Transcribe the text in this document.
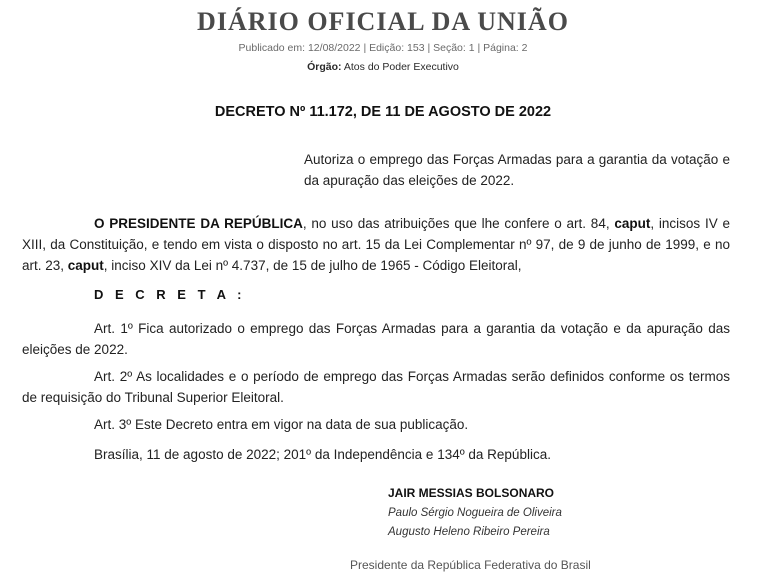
DIÁRIO OFICIAL DA UNIÃO
Publicado em: 12/08/2022 | Edição: 153 | Seção: 1 | Página: 2
Órgão: Atos do Poder Executivo
DECRETO Nº 11.172, DE 11 DE AGOSTO DE 2022
Autoriza o emprego das Forças Armadas para a garantia da votação e da apuração das eleições de 2022.
O PRESIDENTE DA REPÚBLICA, no uso das atribuições que lhe confere o art. 84, caput, incisos IV e XIII, da Constituição, e tendo em vista o disposto no art. 15 da Lei Complementar nº 97, de 9 de junho de 1999, e no art. 23, caput, inciso XIV da Lei nº 4.737, de 15 de julho de 1965 - Código Eleitoral,
D E C R E T A :
Art. 1º Fica autorizado o emprego das Forças Armadas para a garantia da votação e da apuração das eleições de 2022.
Art. 2º As localidades e o período de emprego das Forças Armadas serão definidos conforme os termos de requisição do Tribunal Superior Eleitoral.
Art. 3º Este Decreto entra em vigor na data de sua publicação.
Brasília, 11 de agosto de 2022; 201º da Independência e 134º da República.
JAIR MESSIAS BOLSONARO
Paulo Sérgio Nogueira de Oliveira
Augusto Heleno Ribeiro Pereira
Presidente da República Federativa do Brasil
